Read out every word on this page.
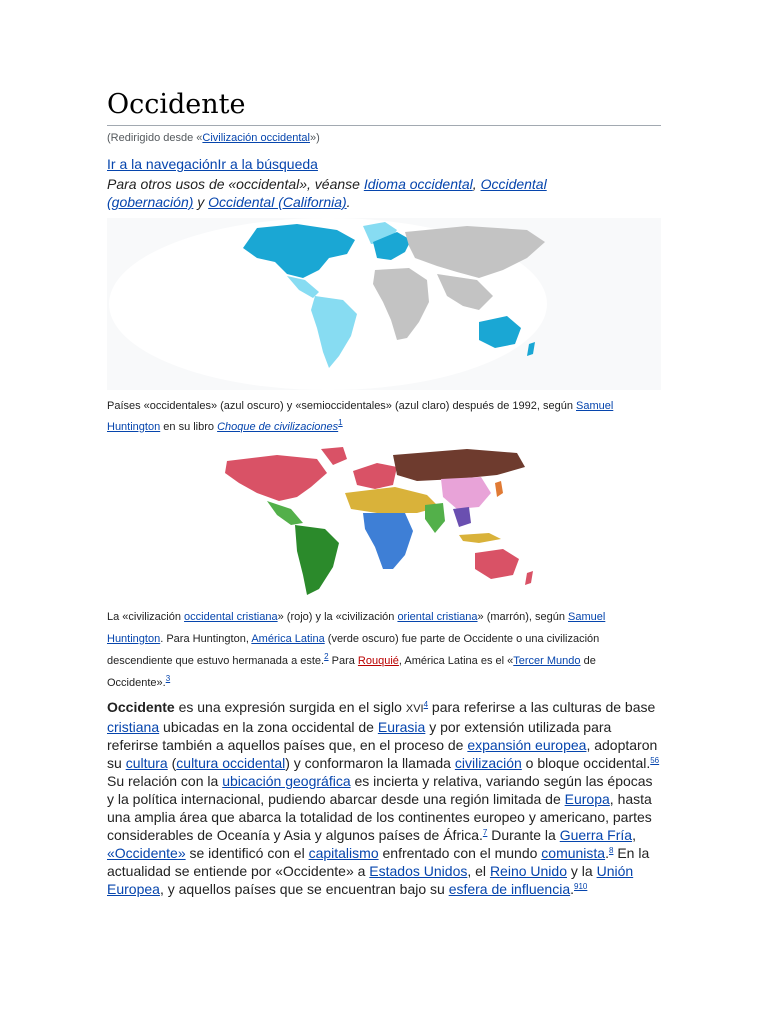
Occidente
(Redirigido desde «Civilización occidental»)
Ir a la navegaciónIr a la búsqueda
Para otros usos de «occidental», véanse Idioma occidental, Occidental (gobernación) y Occidental (California).
Países «occidentales» (azul oscuro) y «semioccidentales» (azul claro) después de 1992, según Samuel Huntington en su libro Choque de civilizaciones$^1$
La «civilización occidental cristiana» (rojo) y la «civilización oriental cristiana» (marrón), según Samuel Huntington. Para Huntington, América Latina (verde oscuro) fue parte de Occidente o una civilización descendiente que estuvo hermanada a este.$^2$ Para Rouquié, América Latina es el «Tercer Mundo de Occidente».$^3$
Occidente es una expresión surgida en el siglo XVI$^4$ para referirse a las culturas de base cristiana ubicadas en la zona occidental de Eurasia y por extensión utilizada para referirse también a aquellos países que, en el proceso de expansión europea, adoptaron su cultura (cultura occidental) y conformaron la llamada civilización o bloque occidental.$^{56}$ Su relación con la ubicación geográfica es incierta y relativa, variando según las épocas y la política internacional, pudiendo abarcar desde una región limitada de Europa, hasta una amplia área que abarca la totalidad de los continentes europeo y americano, partes considerables de Oceanía y Asia y algunos países de África.$^7$ Durante la Guerra Fría, «Occidente» se identificó con el capitalismo enfrentado con el mundo comunista.$^8$ En la actualidad se entiende por «Occidente» a Estados Unidos, el Reino Unido y la Unión Europea, y aquellos países que se encuentran bajo su esfera de influencia.$^{910}$
